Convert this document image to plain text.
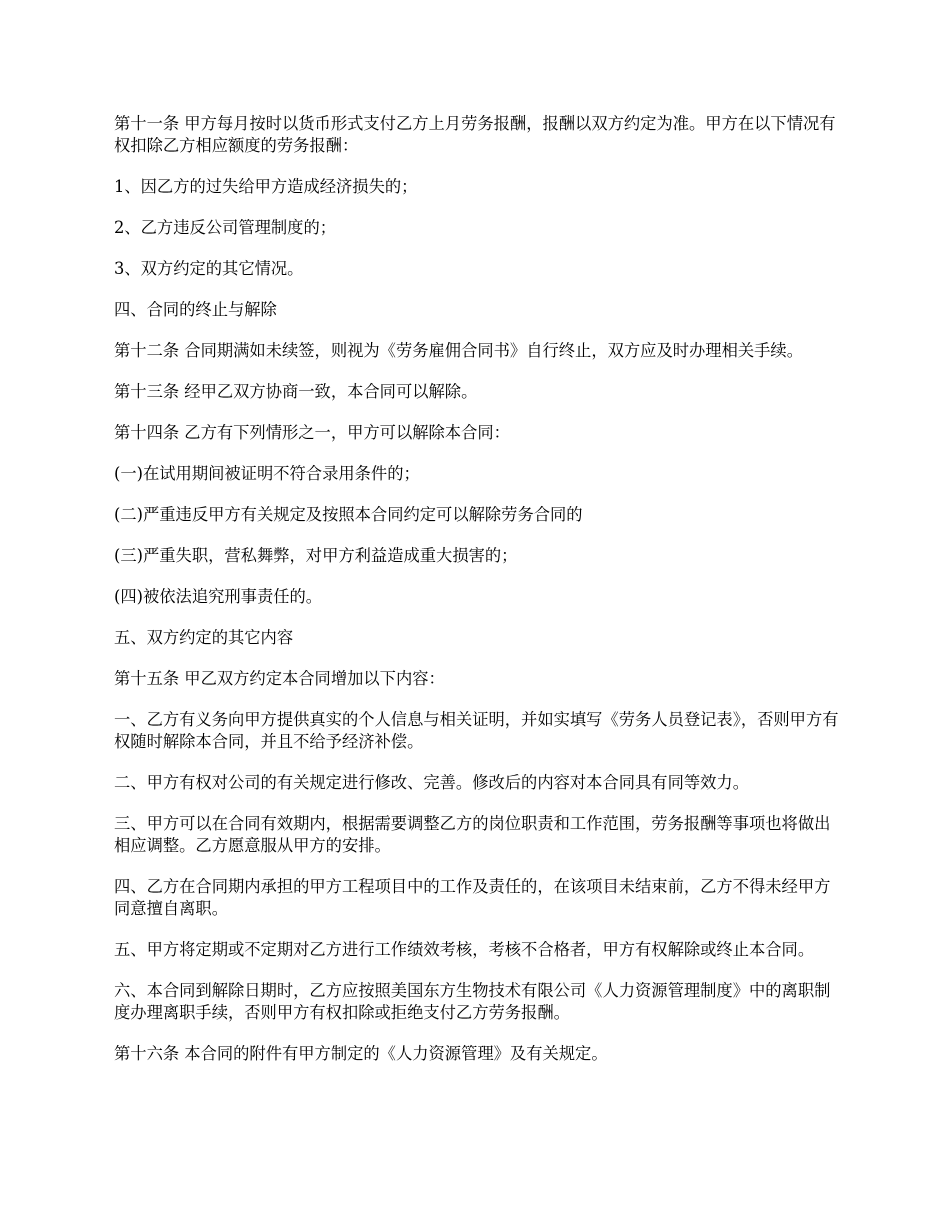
第十一条 甲方每月按时以货币形式支付乙方上月劳务报酬，报酬以双方约定为准。甲方在以下情况有权扣除乙方相应额度的劳务报酬：

1、因乙方的过失给甲方造成经济损失的；

2、乙方违反公司管理制度的；

3、双方约定的其它情况。

四、合同的终止与解除

第十二条 合同期满如未续签，则视为《劳务雇佣合同书》自行终止，双方应及时办理相关手续。

第十三条 经甲乙双方协商一致，本合同可以解除。

第十四条 乙方有下列情形之一，甲方可以解除本合同：

(一)在试用期间被证明不符合录用条件的；

(二)严重违反甲方有关规定及按照本合同约定可以解除劳务合同的

(三)严重失职，营私舞弊，对甲方利益造成重大损害的；

(四)被依法追究刑事责任的。

五、双方约定的其它内容

第十五条 甲乙双方约定本合同增加以下内容：

一、乙方有义务向甲方提供真实的个人信息与相关证明，并如实填写《劳务人员登记表》，否则甲方有权随时解除本合同，并且不给予经济补偿。

二、甲方有权对公司的有关规定进行修改、完善。修改后的内容对本合同具有同等效力。

三、甲方可以在合同有效期内，根据需要调整乙方的岗位职责和工作范围，劳务报酬等事项也将做出相应调整。乙方愿意服从甲方的安排。

四、乙方在合同期内承担的甲方工程项目中的工作及责任的，在该项目未结束前，乙方不得未经甲方同意擅自离职。

五、甲方将定期或不定期对乙方进行工作绩效考核，考核不合格者，甲方有权解除或终止本合同。

六、本合同到解除日期时，乙方应按照美国东方生物技术有限公司《人力资源管理制度》中的离职制度办理离职手续，否则甲方有权扣除或拒绝支付乙方劳务报酬。

第十六条 本合同的附件有甲方制定的《人力资源管理》及有关规定。
